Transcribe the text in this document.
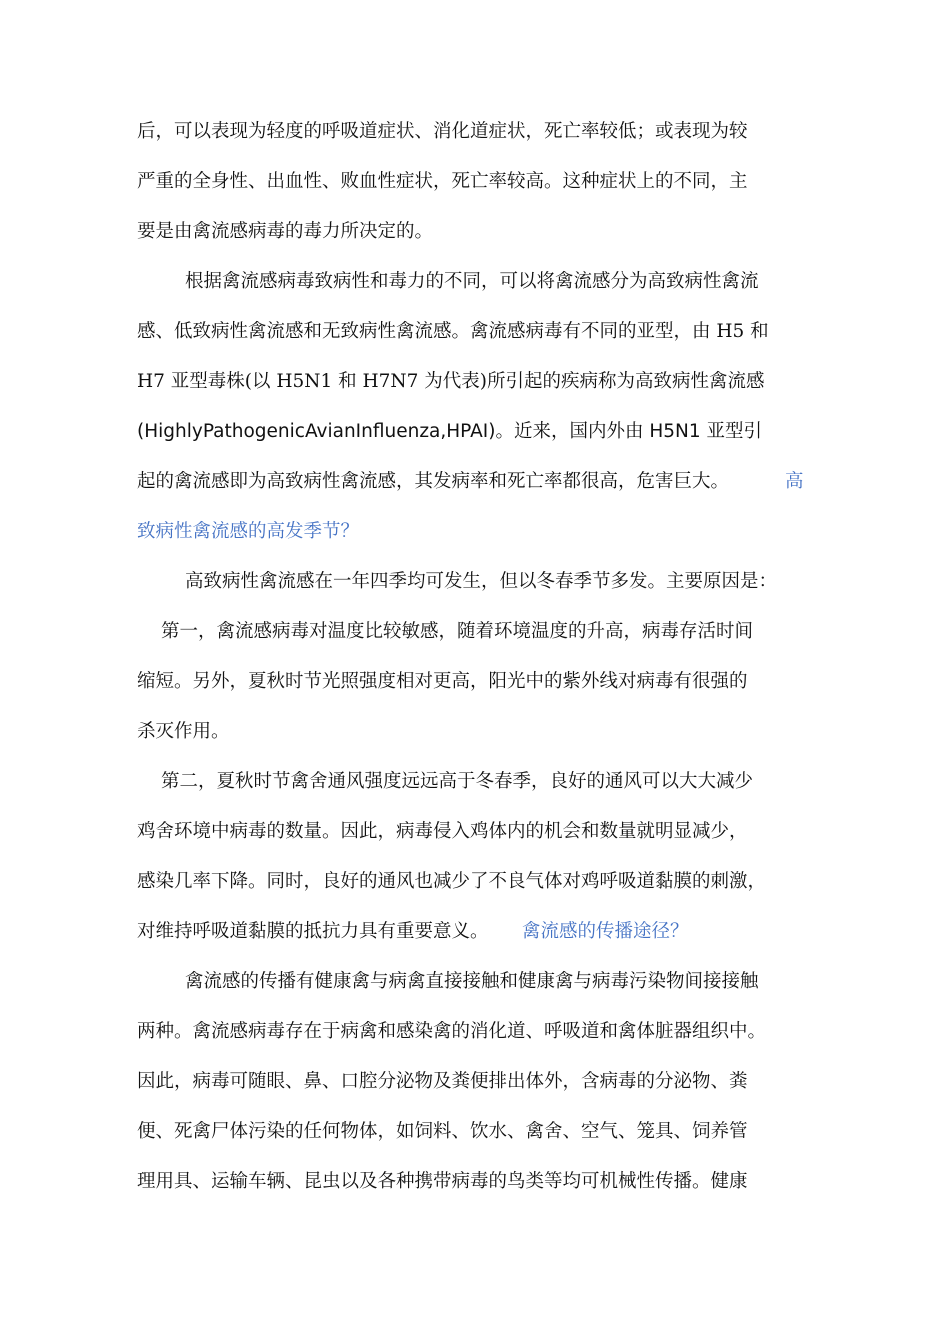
后，可以表现为轻度的呼吸道症状、消化道症状，死亡率较低；或表现为较

严重的全身性、出血性、败血性症状，死亡率较高。这种症状上的不同，主

要是由禽流感病毒的毒力所决定的。

根据禽流感病毒致病性和毒力的不同，可以将禽流感分为高致病性禽流

感、低致病性禽流感和无致病性禽流感。禽流感病毒有不同的亚型，由 H5 和

H7 亚型毒株(以 H5N1 和 H7N7 为代表)所引起的疾病称为高致病性禽流感

(HighlyPathogenicAvianInfluenza,HPAI)。近来，国内外由 H5N1 亚型引

起的禽流感即为高致病性禽流感，其发病率和死亡率都很高，危害巨大。	高

致病性禽流感的高发季节？

高致病性禽流感在一年四季均可发生，但以冬春季节多发。主要原因是：

第一，禽流感病毒对温度比较敏感，随着环境温度的升高，病毒存活时间

缩短。另外，夏秋时节光照强度相对更高，阳光中的紫外线对病毒有很强的

杀灭作用。

第二，夏秋时节禽舍通风强度远远高于冬春季，良好的通风可以大大减少

鸡舍环境中病毒的数量。因此，病毒侵入鸡体内的机会和数量就明显减少，

感染几率下降。同时，良好的通风也减少了不良气体对鸡呼吸道黏膜的刺激，

对维持呼吸道黏膜的抵抗力具有重要意义。 禽流感的传播途径？

禽流感的传播有健康禽与病禽直接接触和健康禽与病毒污染物间接接触

两种。禽流感病毒存在于病禽和感染禽的消化道、呼吸道和禽体脏器组织中。

因此，病毒可随眼、鼻、口腔分泌物及粪便排出体外，含病毒的分泌物、粪

便、死禽尸体污染的任何物体，如饲料、饮水、禽舍、空气、笼具、饲养管

理用具、运输车辆、昆虫以及各种携带病毒的鸟类等均可机械性传播。健康
